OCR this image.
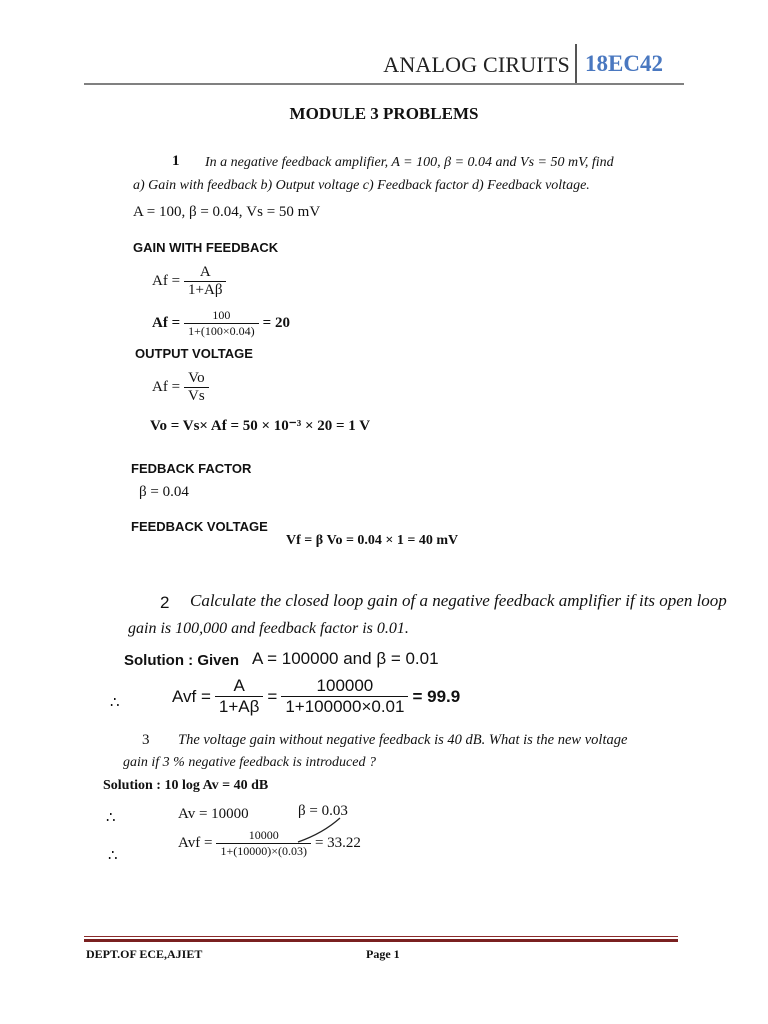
ANALOG CIRUITS 18EC42
MODULE 3 PROBLEMS
1 In a negative feedback amplifier, A = 100, β = 0.04 and Vs = 50 mV, find
a) Gain with feedback b) Output voltage c) Feedback factor d) Feedback voltage.
A = 100, β = 0.04, Vs = 50 mV
GAIN WITH FEEDBACK
$Af = \frac{A}{1+A\beta}$
$Af = \frac{100}{1+(100\times 0.04)} = 20$
OUTPUT VOLTAGE
$Af = \frac{Vo}{Vs}$
Vo = Vs× Af = 50 × 10⁻³ × 20 = 1 V
FEDBACK FACTOR
β = 0.04
FEEDBACK VOLTAGE
Vf = β Vo = 0.04 × 1 = 40 mV
2 Calculate the closed loop gain of a negative feedback amplifier if its open loop
gain is 100,000 and feedback factor is 0.01.
Solution : Given A = 100000 and β = 0.01
∴	Avf = $\frac{A}{1+A\beta} = \frac{100000}{1+100000\times 0.01} = 99.9$
3 The voltage gain without negative feedback is 40 dB. What is the new voltage
gain if 3 % negative feedback is introduced ?
Solution : 10 log Av = 40 dB
∴	Av = 10000	β = 0.03
∴
Avf = $\frac{10000}{1+(10000)\times(0.03)} = 33.22$
DEPT.OF ECE,AJIET	Page 1
